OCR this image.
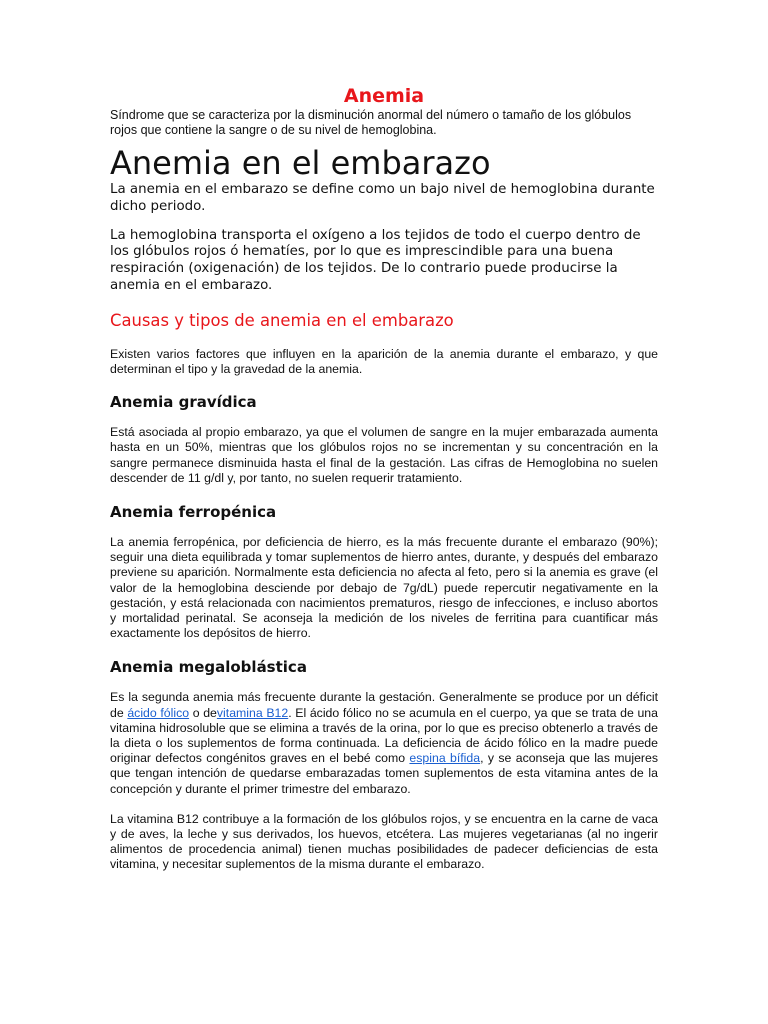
Anemia

Síndrome que se caracteriza por la disminución anormal del número o tamaño de los glóbulos rojos que contiene la sangre o de su nivel de hemoglobina.

Anemia en el embarazo

La anemia en el embarazo se define como un bajo nivel de hemoglobina durante dicho periodo.

La hemoglobina transporta el oxígeno a los tejidos de todo el cuerpo dentro de los glóbulos rojos ó hematíes, por lo que es imprescindible para una buena respiración (oxigenación) de los tejidos. De lo contrario puede producirse la anemia en el embarazo.

Causas y tipos de anemia en el embarazo

Existen varios factores que influyen en la aparición de la anemia durante el embarazo, y que determinan el tipo y la gravedad de la anemia.

Anemia gravídica

Está asociada al propio embarazo, ya que el volumen de sangre en la mujer embarazada aumenta hasta en un 50%, mientras que los glóbulos rojos no se incrementan y su concentración en la sangre permanece disminuida hasta el final de la gestación. Las cifras de Hemoglobina no suelen descender de 11 g/dl y, por tanto, no suelen requerir tratamiento.

Anemia ferropénica

La anemia ferropénica, por deficiencia de hierro, es la más frecuente durante el embarazo (90%); seguir una dieta equilibrada y tomar suplementos de hierro antes, durante, y después del embarazo previene su aparición. Normalmente esta deficiencia no afecta al feto, pero si la anemia es grave (el valor de la hemoglobina desciende por debajo de 7g/dL) puede repercutir negativamente en la gestación, y está relacionada con nacimientos prematuros, riesgo de infecciones, e incluso abortos y mortalidad perinatal. Se aconseja la medición de los niveles de ferritina para cuantificar más exactamente los depósitos de hierro.

Anemia megaloblástica

Es la segunda anemia más frecuente durante la gestación. Generalmente se produce por un déficit de ácido fólico o devitamina B12. El ácido fólico no se acumula en el cuerpo, ya que se trata de una vitamina hidrosoluble que se elimina a través de la orina, por lo que es preciso obtenerlo a través de la dieta o los suplementos de forma continuada. La deficiencia de ácido fólico en la madre puede originar defectos congénitos graves en el bebé como espina bífida, y se aconseja que las mujeres que tengan intención de quedarse embarazadas tomen suplementos de esta vitamina antes de la concepción y durante el primer trimestre del embarazo.

La vitamina B12 contribuye a la formación de los glóbulos rojos, y se encuentra en la carne de vaca y de aves, la leche y sus derivados, los huevos, etcétera. Las mujeres vegetarianas (al no ingerir alimentos de procedencia animal) tienen muchas posibilidades de padecer deficiencias de esta vitamina, y necesitar suplementos de la misma durante el embarazo.
